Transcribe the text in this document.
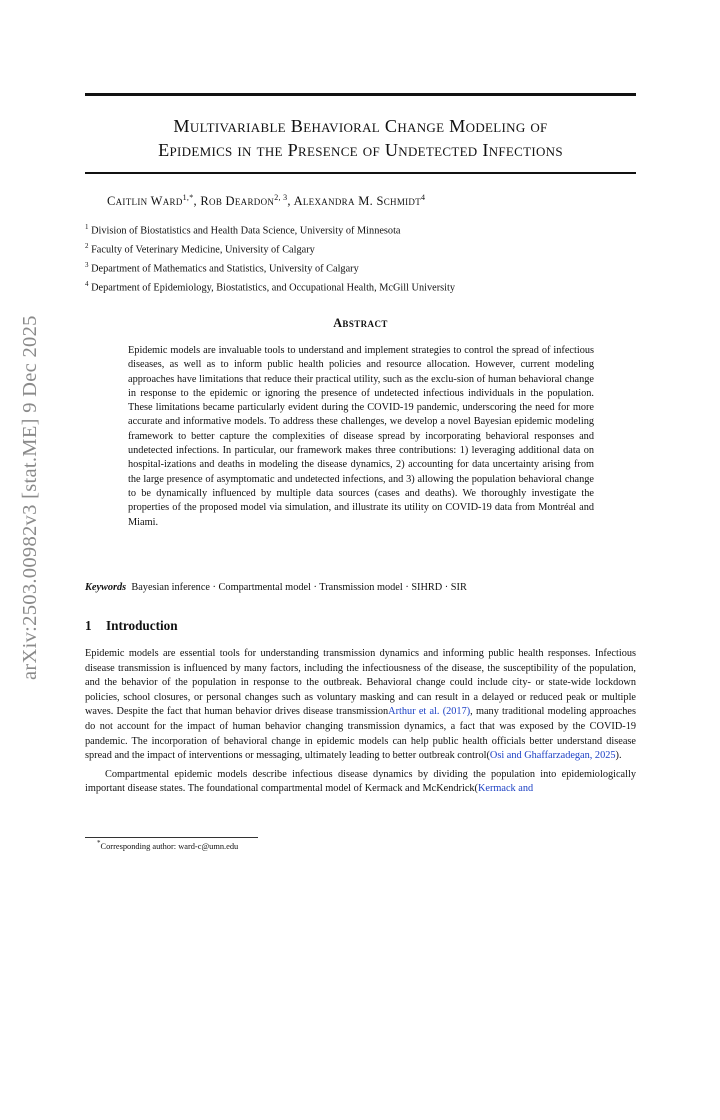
arXiv:2503.00982v3 [stat.ME] 9 Dec 2025
Multivariable Behavioral Change Modeling of
Epidemics in the Presence of Undetected Infections
Caitlin Ward$^{1,*}$, Rob Deardon$^{2, 3}$, Alexandra M. Schmidt$^4$
$^1$ Division of Biostatistics and Health Data Science, University of Minnesota
$^2$ Faculty of Veterinary Medicine, University of Calgary
$^3$ Department of Mathematics and Statistics, University of Calgary
$^4$ Department of Epidemiology, Biostatistics, and Occupational Health, McGill University
Abstract
Epidemic models are invaluable tools to understand and implement strategies to control the spread of infectious diseases, as well as to inform public health policies and resource allocation. However, current modeling approaches have limitations that reduce their practical utility, such as the exclu-sion of human behavioral change in response to the epidemic or ignoring the presence of undetected infectious individuals in the population. These limitations became particularly evident during the COVID-19 pandemic, underscoring the need for more accurate and informative models. To address these challenges, we develop a novel Bayesian epidemic modeling framework to better capture the complexities of disease spread by incorporating behavioral responses and undetected infections. In particular, our framework makes three contributions: 1) leveraging additional data on hospital-izations and deaths in modeling the disease dynamics, 2) accounting for data uncertainty arising from the large presence of asymptomatic and undetected infections, and 3) allowing the population behavioral change to be dynamically influenced by multiple data sources (cases and deaths). We thoroughly investigate the properties of the proposed model via simulation, and illustrate its utility on COVID-19 data from Montréal and Miami.
Keywords Bayesian inference · Compartmental model · Transmission model · SIHRD · SIR
1 Introduction

Epidemic models are essential tools for understanding transmission dynamics and informing public health responses. Infectious disease transmission is influenced by many factors, including the infectiousness of the disease, the susceptibility of the population, and the behavior of the population in response to the outbreak. Behavioral change could include city- or state-wide lockdown policies, school closures, or personal changes such as voluntary masking and can result in a delayed or reduced peak or multiple waves. Despite the fact that human behavior drives disease transmissionArthur et al. (2017), many traditional modeling approaches do not account for the impact of human behavior changing transmission dynamics, a fact that was exposed by the COVID-19 pandemic. The incorporation of behavioral change in epidemic models can help public health officials better understand disease spread and the impact of interventions or messaging, ultimately leading to better outbreak control(Osi and Ghaffarzadegan, 2025).

Compartmental epidemic models describe infectious disease dynamics by dividing the population into epidemiologically important disease states. The foundational compartmental model of Kermack and McKendrick(Kermack and

*Corresponding author: ward-c@umn.edu
